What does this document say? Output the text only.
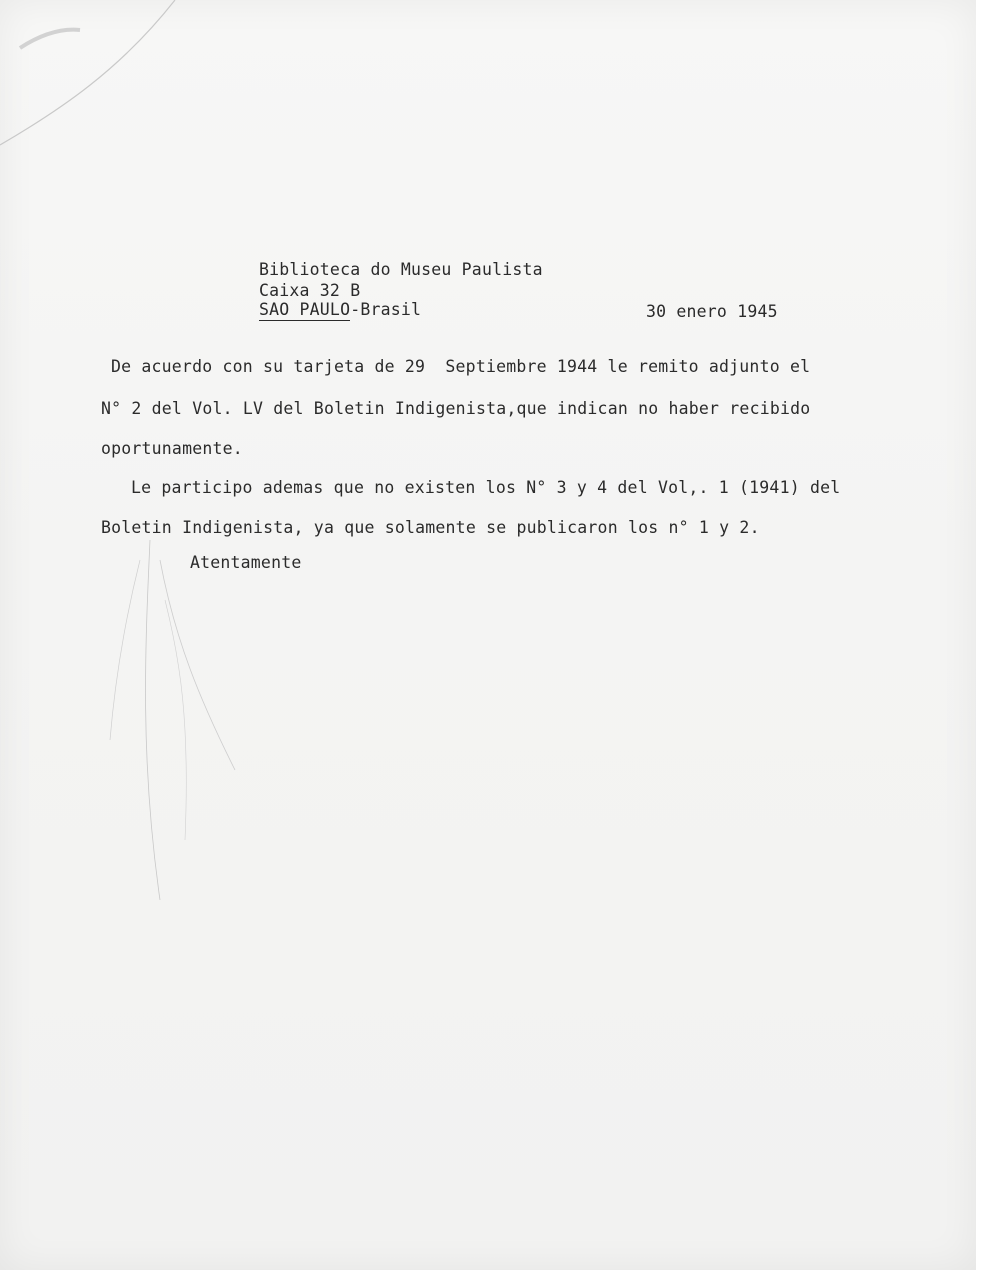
Biblioteca do Museu Paulista
Caixa 32 B
SAO PAULO-Brasil	30 enero 1945
De acuerdo con su tarjeta de 29  Septiembre 1944 le remito adjunto el
N° 2 del Vol. LV del Boletin Indigenista,que indican no haber recibido
oportunamente.
Le participo ademas que no existen los N° 3 y 4 del Vol,. 1 (1941) del
Boletin Indigenista, ya que solamente se publicaron los n° 1 y 2.
Atentamente
